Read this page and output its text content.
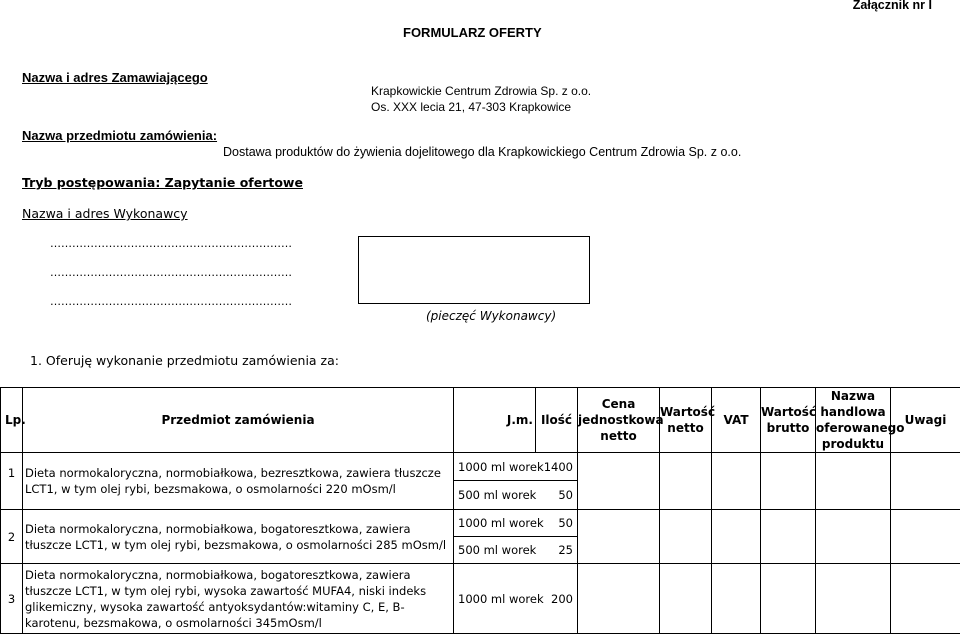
Załącznik nr I
FORMULARZ OFERTY
Nazwa i adres Zamawiającego
Krapkowickie Centrum Zdrowia Sp. z o.o.
Os. XXX lecia 21, 47-303 Krapkowice
Nazwa przedmiotu zamówienia:
Dostawa produktów do żywienia dojelitowego dla Krapkowickiego Centrum Zdrowia Sp. z o.o.
Tryb postępowania: Zapytanie ofertowe
Nazwa i adres Wykonawcy
…………………………………………………………
…………………………………………………………
…………………………………………………………
(pieczęć Wykonawcy)
1. Oferuję wykonanie przedmiotu zamówienia za:
Lp.	Przedmiot zamówienia	J.m.	Ilość	Cena jednostkowa netto	Wartość netto	VAT	Wartość brutto	Nazwa handlowa oferowanego produktu	Uwagi
1	Dieta normokaloryczna, normobiałkowa, bezresztkowa, zawiera tłuszcze LCT1, w tym olej rybi, bezsmakowa, o osmolarności 220 mOsm/l	1000 ml worek 1400
500 ml worek 50							

2	Dieta normokaloryczna, normobiałkowa, bogatoresztkowa, zawiera tłuszcze LCT1, w tym olej rybi, bezsmakowa, o osmolarności 285 mOsm/l	1000 ml worek 50
500 ml worek 25							

3	Dieta normokaloryczna, normobiałkowa, bogatoresztkowa, zawiera tłuszcze LCT1, w tym olej rybi, wysoka zawartość MUFA4, niski indeks glikemiczny, wysoka zawartość antyoksydantów:witaminy C, E, B-karotenu, bezsmakowa, o osmolarności 345mOsm/l	1000 ml worek 200							
